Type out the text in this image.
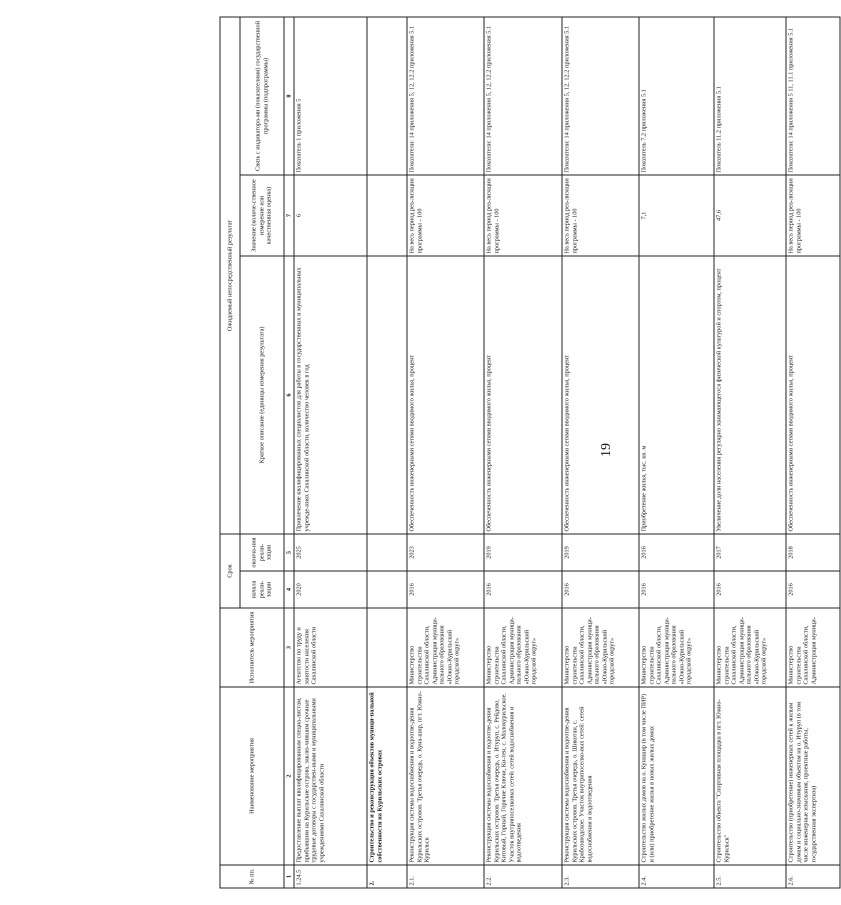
19
№ пп.	Наименование мероприятия	Исполнитель мероприятия	Срок		Ожидаемый непосредственный результат		
			начала реали-зации	оконча-ния реали-зации	Краткое описание (единицы измерения результата)	Значение (количе-ственное измерение или качественная оценка)	Связь с индикатора-ми (показателями) государственной программы (подпрограммы)

1	2	3	4	5	6	7	8
1.24.5	Предоставление выплат квалифицированным специа-листам, прибывшим на Курильские острова, заклю-чившим срочные трудовые договоры с государствен-ными и муниципальными учреждениями Сахалинской области	Агентство по труду и занятости населения Сахалинской области	2020	2025	Привлечение квалифицированных специалистов для работы в государственных и муниципальных учрежде-ниях Сахалинской области, количество человек в год	6	Показатель 1 приложения 5
2.	Строительство и реконструкция объектов муници-пальной собственности на Курильских островах						
2.1.	Реконструкция системы водоснабжения и водоотве-дения Курильских островов. Третья очередь, о. Куна-шир, пгт. Южно-Курильск	Министерство строительства Сахалинской области, Администрация муници-пального образования «Южно-Курильский городской округ»	2016	2023	Обеспеченность инженерными сетями вводимого жилья, процент	На весь период реа-лизации программы - 100	Показатели: 14 приложения 5, 12, 12.2 приложения 5.1
2.2.	Реконструкция системы водоснабжения и водоотве-дения Курильских островов. Третья очередь, о. Итуруп, с. Рейдово, Китовый, Горный, Горячие Ключи, Ки-тен, с. Малокурильское. Участок внутрипоселковых сетей: сетей водоснабжения и водоотведения	Министерство строительства Сахалинской области, Администрация муници-пального образования «Южно-Курильский городской округ»	2016	2019	Обеспеченность инженерными сетями вводимого жилья, процент	На весь период реа-лизации программы - 100	Показатели: 14 приложения 5, 12, 12.2 приложения 5.1
2.3.	Реконструкция системы водоснабжения и водоотве-дения Курильских островов. Третья очередь, о. Шикотан, с. Крабозаводское. Участок внутрипоселко-вых сетей: сетей водоснабжения и водоотведения	Министерство строительства Сахалинской области, Администрация муници-пального образования «Южно-Курильский городской округ»	2016	2019	Обеспеченность инженерными сетями вводимого жилья, процент	На весь период реа-лизации программы - 100	Показатели: 14 приложения 5, 12, 12.2 приложения 5.1
2.4.	Строительство жилых домов на о. Кунашир (в том числе ПИР) и (или) приобретение жилья в новых жилых домах	Министерство строительства Сахалинской области, Администрация муници-пального образования «Южно-Курильский городской округ»	2016	2016	Приобретение жилья, тыс. кв. м	7,1	Показатель 7.2 приложения 5.1
2.5.	Строительство объекта "Спортивная площадка в пгт. Южно-Курильск"	Министерство строительства Сахалинской области, Администрация муници-пального образования «Южно-Курильский городской округ»	2016	2017	Увеличение доли населения регулярно занимающегося физической культурой и спортом, процент	47,6	Показатель 11.2 приложения 5.1
2.6.	Строительство (приобретение) инженерных сетей к жилым домам и социально-значимым объектам на о. Итуруп (в том числе инженерные изыскания, проектные работы, государственная экспертиза)	Министерство строительства Сахалинской области, Администрация муници-	2016	2018	Обеспеченность инженерными сетями вводимого жилья, процент	На весь период реа-лизации программы - 100	Показатели: 14 приложения 5 11, 11.1 приложения 5.1
